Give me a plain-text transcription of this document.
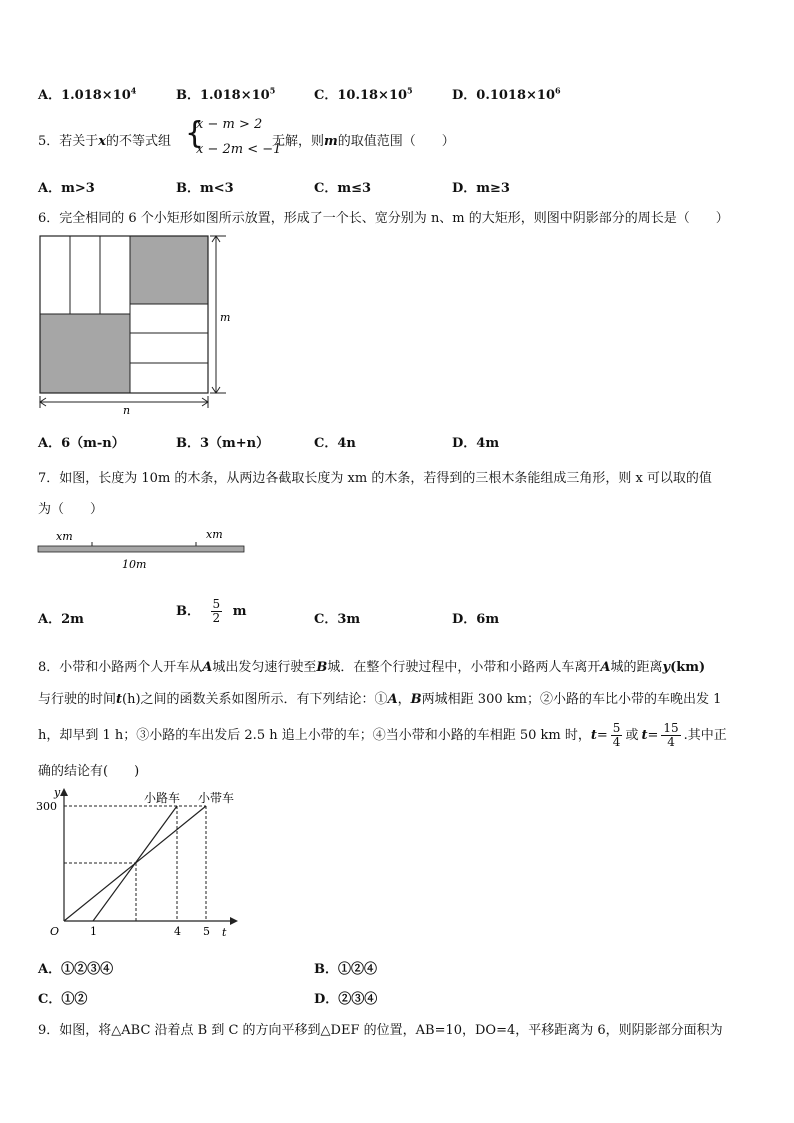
A．$1.018\times 10^4$	B．$1.018\times 10^5$	C．$10.18\times 10^5$	D．$0.1018\times 10^6$
5．若关于x的不等式组 {
x − m > 2
x − 2m < −1
无解，则m的取值范围（　　）
A．m>3	B．m<3	C．m≤3	D．m≥3
6．完全相同的 6 个小矩形如图所示放置，形成了一个长、宽分别为 n、m 的大矩形，则图中阴影部分的周长是（　　）
m
n
A．6（m-n）	B．3（m+n）	C．4n	D．4m
7．如图，长度为 10m 的木条，从两边各截取长度为 xm 的木条，若得到的三根木条能组成三角形，则 x 可以取的值
为（　　）
xm	xm
10m
A．2m
B． $\frac{5}{2}$ m
C．3m	D．6m
8．小带和小路两个人开车从A城出发匀速行驶至B城．在整个行驶过程中，小带和小路两人车离开A城的距离y(km)
与行驶的时间t(h)之间的函数关系如图所示．有下列结论：①A，B两城相距 300 km；②小路的车比小带的车晚出发 1
h，却早到 1 h；③小路的车出发后 2.5 h 追上小带的车；④当小带和小路的车相距 50 km 时，$t= \frac{5}{4}$ 或 $t= \frac{15}{4}$ .其中正
确的结论有(　　)
y
t
O
300
1	4 5
小路车 小带车
A．①②③④	B．①②④
C．①②	D．②③④
9．如图，将△ABC 沿着点 B 到 C 的方向平移到△DEF 的位置，AB=10，DO=4，平移距离为 6，则阴影部分面积为
